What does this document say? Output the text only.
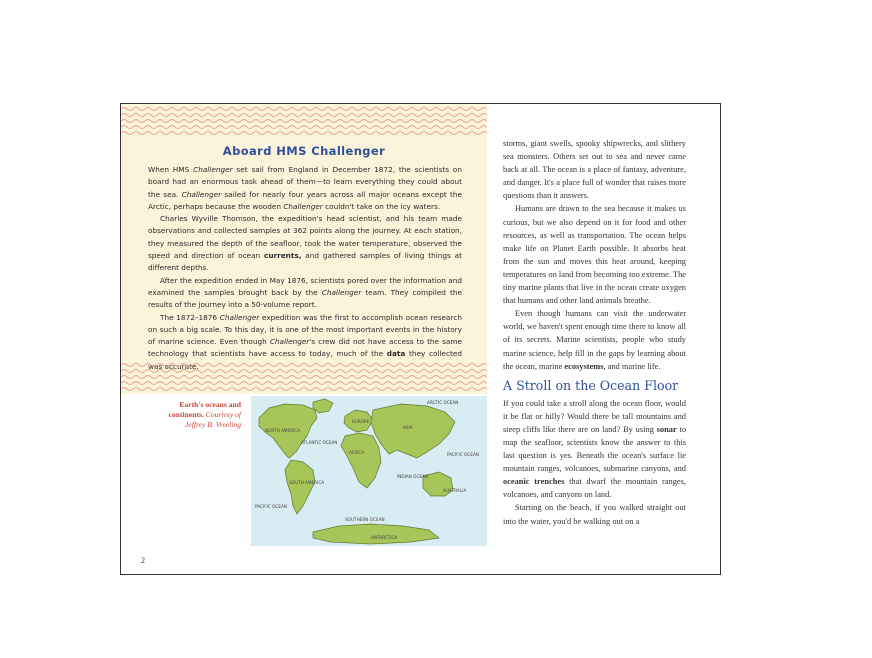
Aboard HMS Challenger

When HMS Challenger set sail from England in December 1872, the scientists on board had an enormous task ahead of them—to learn everything they could about the sea. Challenger sailed for nearly four years across all major oceans except the Arctic, perhaps because the wooden Challenger couldn't take on the icy waters.

Charles Wyville Thomson, the expedition's head scientist, and his team made observations and collected samples at 362 points along the journey. At each station, they measured the depth of the seafloor, took the water temperature, observed the speed and direction of ocean currents, and gathered samples of living things at different depths.

After the expedition ended in May 1876, scientists pored over the information and examined the samples brought back by the Challenger team. They compiled the results of the journey into a 50-volume report.

The 1872–1876 Challenger expedition was the first to accomplish ocean research on such a big scale. To this day, it is one of the most important events in the history of marine science. Even though Challenger's crew did not have access to the same technology that scientists have access to today, much of the data they collected was accurate.

Earth's oceans and continents. Courtesy of Jeffrey B. Vreeling
ARCTIC OCEAN
NORTH AMERICA
EUROPE
ASIA
ATLANTIC OCEAN
AFRICA	PACIFIC OCEAN
SOUTH AMERICA
INDIAN OCEAN
AUSTRALIA
PACIFIC OCEAN
SOUTHERN OCEAN
ANTARCTICA

storms, giant swells, spooky shipwrecks, and slithery sea monsters. Others set out to sea and never came back at all. The ocean is a place of fantasy, adventure, and danger. It's a place full of wonder that raises more questions than it answers.

Humans are drawn to the sea because it makes us curious, but we also depend on it for food and other resources, as well as transportation. The ocean helps make life on Planet Earth possible. It absorbs heat from the sun and moves this heat around, keeping temperatures on land from becoming too extreme. The tiny marine plants that live in the ocean create oxygen that humans and other land animals breathe.

Even though humans can visit the underwater world, we haven't spent enough time there to know all of its secrets. Marine scientists, people who study marine science, help fill in the gaps by learning about the ocean, marine ecosystems, and marine life.

A Stroll on the Ocean Floor

If you could take a stroll along the ocean floor, would it be flat or hilly? Would there be tall mountains and steep cliffs like there are on land? By using sonar to map the seafloor, scientists know the answer to this last question is yes. Beneath the ocean's surface lie mountain ranges, volcanoes, submarine canyons, and oceanic trenches that dwarf the mountain ranges, volcanoes, and canyons on land.

Starting on the beach, if you walked straight out into the water, you'd be walking out on a

2
